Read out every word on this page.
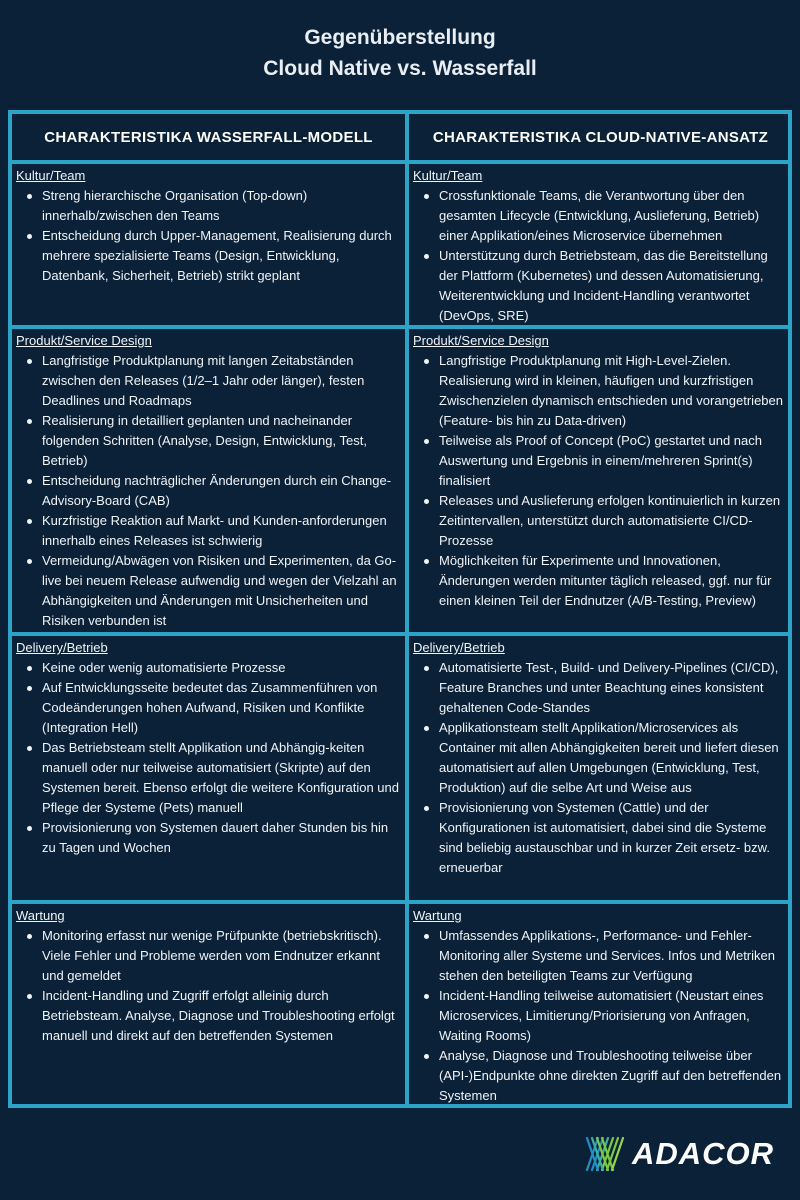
Gegenüberstellung
Cloud Native vs. Wasserfall
CHARAKTERISTIKA WASSERFALL-MODELL	CHARAKTERISTIKA CLOUD-NATIVE-ANSATZ
Kultur/Team
Streng hierarchische Organisation (Top-down) innerhalb/zwischen den Teams
Entscheidung durch Upper-Management, Realisierung durch mehrere spezialisierte Teams (Design, Entwicklung, Datenbank, Sicherheit, Betrieb) strikt geplant
Kultur/Team
Crossfunktionale Teams, die Verantwortung über den gesamten Lifecycle (Entwicklung, Auslieferung, Betrieb) einer Applikation/eines Microservice übernehmen
Unterstützung durch Betriebsteam, das die Bereitstellung der Plattform (Kubernetes) und dessen Automatisierung, Weiterentwicklung und Incident-Handling verantwortet (DevOps, SRE)
Produkt/Service Design
Langfristige Produktplanung mit langen Zeitabständen zwischen den Releases (1/2–1 Jahr oder länger), festen Deadlines und Roadmaps
Realisierung in detailliert geplanten und nacheinander folgenden Schritten (Analyse, Design, Entwicklung, Test, Betrieb)
Entscheidung nachträglicher Änderungen durch ein Change-Advisory-Board (CAB)
Kurzfristige Reaktion auf Markt- und Kunden-anforderungen innerhalb eines Releases ist schwierig
Vermeidung/Abwägen von Risiken und Experimenten, da Go-live bei neuem Release aufwendig und wegen der Vielzahl an Abhängigkeiten und Änderungen mit Unsicherheiten und Risiken verbunden ist
Produkt/Service Design
Langfristige Produktplanung mit High-Level-Zielen. Realisierung wird in kleinen, häufigen und kurzfristigen Zwischenzielen dynamisch entschieden und vorangetrieben (Feature- bis hin zu Data-driven)
Teilweise als Proof of Concept (PoC) gestartet und nach Auswertung und Ergebnis in einem/mehreren Sprint(s) finalisiert
Releases und Auslieferung erfolgen kontinuierlich in kurzen Zeitintervallen, unterstützt durch automatisierte CI/CD-Prozesse
Möglichkeiten für Experimente und Innovationen, Änderungen werden mitunter täglich released, ggf. nur für einen kleinen Teil der Endnutzer (A/B-Testing, Preview)
Delivery/Betrieb
Keine oder wenig automatisierte Prozesse
Auf Entwicklungsseite bedeutet das Zusammenführen von Codeänderungen hohen Aufwand, Risiken und Konflikte (Integration Hell)
Das Betriebsteam stellt Applikation und Abhängig-keiten manuell oder nur teilweise automatisiert (Skripte) auf den Systemen bereit. Ebenso erfolgt die weitere Konfiguration und Pflege der Systeme (Pets) manuell
Provisionierung von Systemen dauert daher Stunden bis hin zu Tagen und Wochen
Delivery/Betrieb
Automatisierte Test-, Build- und Delivery-Pipelines (CI/CD), Feature Branches und unter Beachtung eines konsistent gehaltenen Code-Standes
Applikationsteam stellt Applikation/Microservices als Container mit allen Abhängigkeiten bereit und liefert diesen automatisiert auf allen Umgebungen (Entwicklung, Test, Produktion) auf die selbe Art und Weise aus
Provisionierung von Systemen (Cattle) und der Konfigurationen ist automatisiert, dabei sind die Systeme sind beliebig austauschbar und in kurzer Zeit ersetz- bzw. erneuerbar
Wartung
Monitoring erfasst nur wenige Prüfpunkte (betriebskritisch). Viele Fehler und Probleme werden vom Endnutzer erkannt und gemeldet
Incident-Handling und Zugriff erfolgt alleinig durch Betriebsteam. Analyse, Diagnose und Troubleshooting erfolgt manuell und direkt auf den betreffenden Systemen
Wartung
Umfassendes Applikations-, Performance- und Fehler-Monitoring aller Systeme und Services. Infos und Metriken stehen den beteiligten Teams zur Verfügung
Incident-Handling teilweise automatisiert (Neustart eines Microservices, Limitierung/Priorisierung von Anfragen, Waiting Rooms)
Analyse, Diagnose und Troubleshooting teilweise über (API-)Endpunkte ohne direkten Zugriff auf den betreffenden Systemen
ADACOR
